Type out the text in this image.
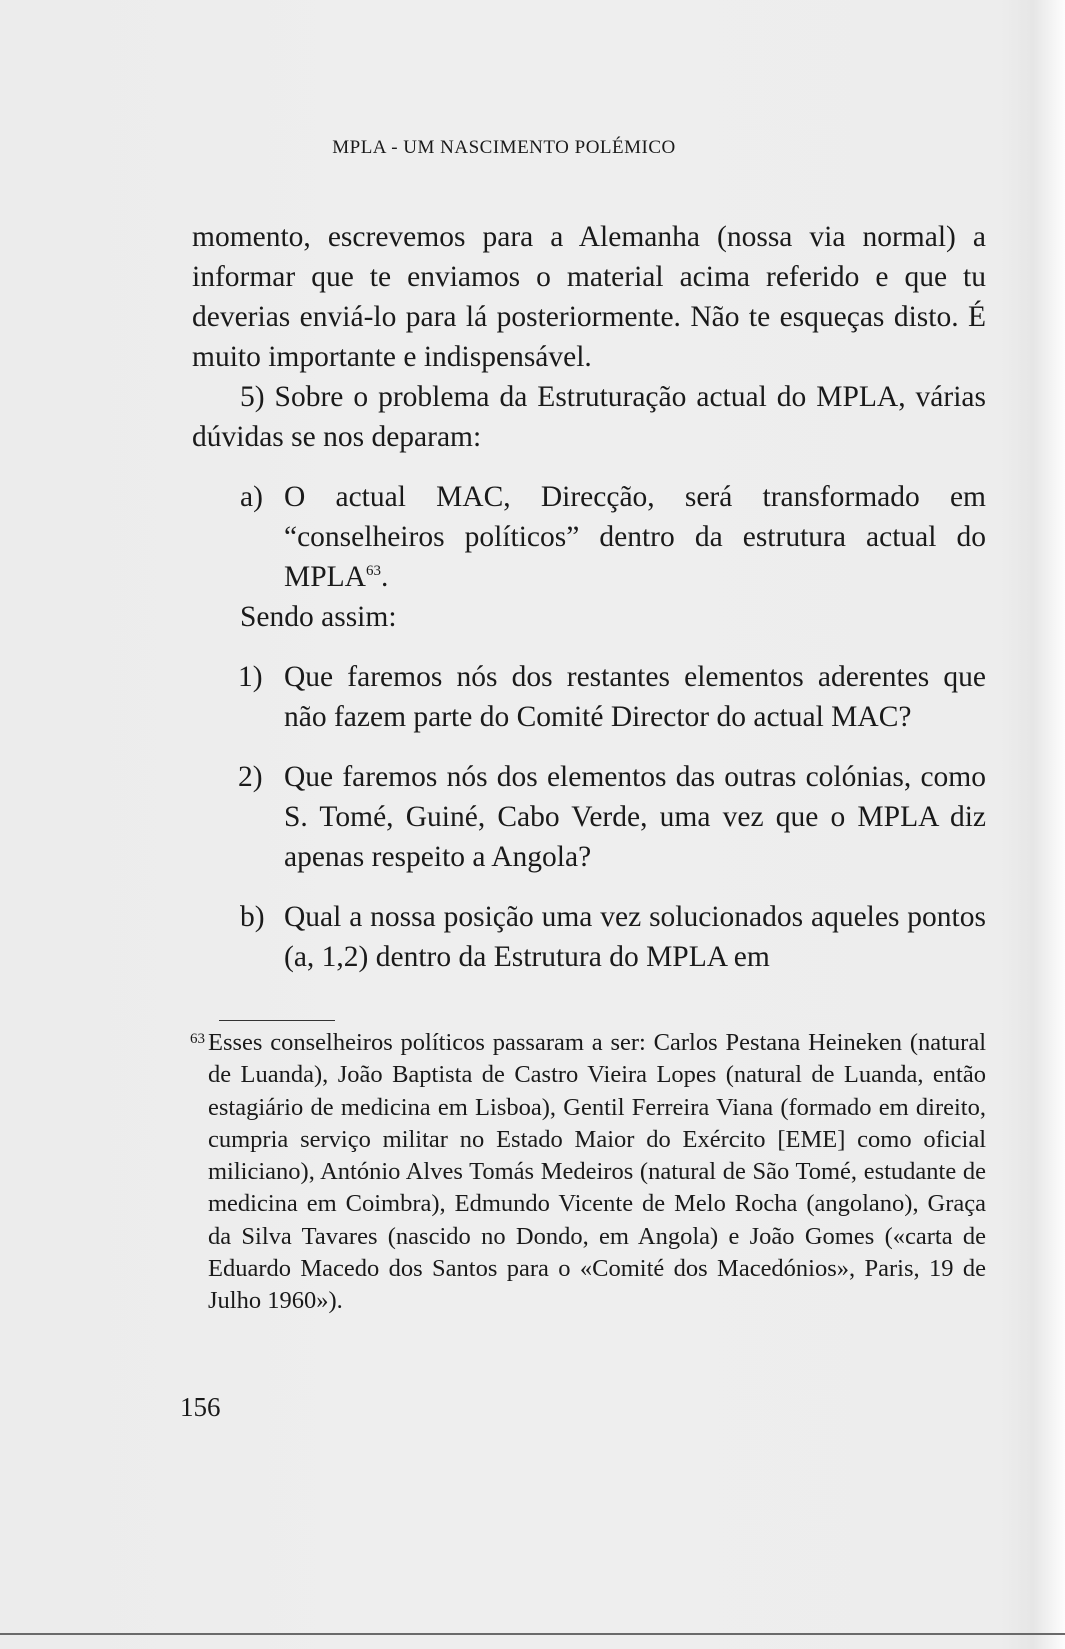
MPLA - UM NASCIMENTO POLÉMICO

momento, escrevemos para a Alemanha (nossa via normal) a informar que te enviamos o material acima referido e que tu deverias enviá-lo para lá posteriormente. Não te esqueças disto. É muito importante e indispensável.

5) Sobre o problema da Estruturação actual do MPLA, várias dúvidas se nos deparam:

a) O actual MAC, Direcção, será transformado em “conselheiros políticos” dentro da estrutura actual do MPLA$^{63}$.

Sendo assim:

1) Que faremos nós dos restantes elementos aderentes que não fazem parte do Comité Director do actual MAC?

2) Que faremos nós dos elementos das outras colónias, como S. Tomé, Guiné, Cabo Verde, uma vez que o MPLA diz apenas respeito a Angola?

b) Qual a nossa posição uma vez solucionados aqueles pontos (a, 1,2) dentro da Estrutura do MPLA em

63 Esses conselheiros políticos passaram a ser: Carlos Pestana Heineken (natural de Luanda), João Baptista de Castro Vieira Lopes (natural de Luanda, então estagiário de medicina em Lisboa), Gentil Ferreira Viana (formado em direito, cumpria serviço militar no Estado Maior do Exército [EME] como oficial miliciano), António Alves Tomás Medeiros (natural de São Tomé, estudante de medicina em Coimbra), Edmundo Vicente de Melo Rocha (angolano), Graça da Silva Tavares (nascido no Dondo, em Angola) e João Gomes («carta de Eduardo Macedo dos Santos para o «Comité dos Macedónios», Paris, 19 de Julho 1960»).

156
